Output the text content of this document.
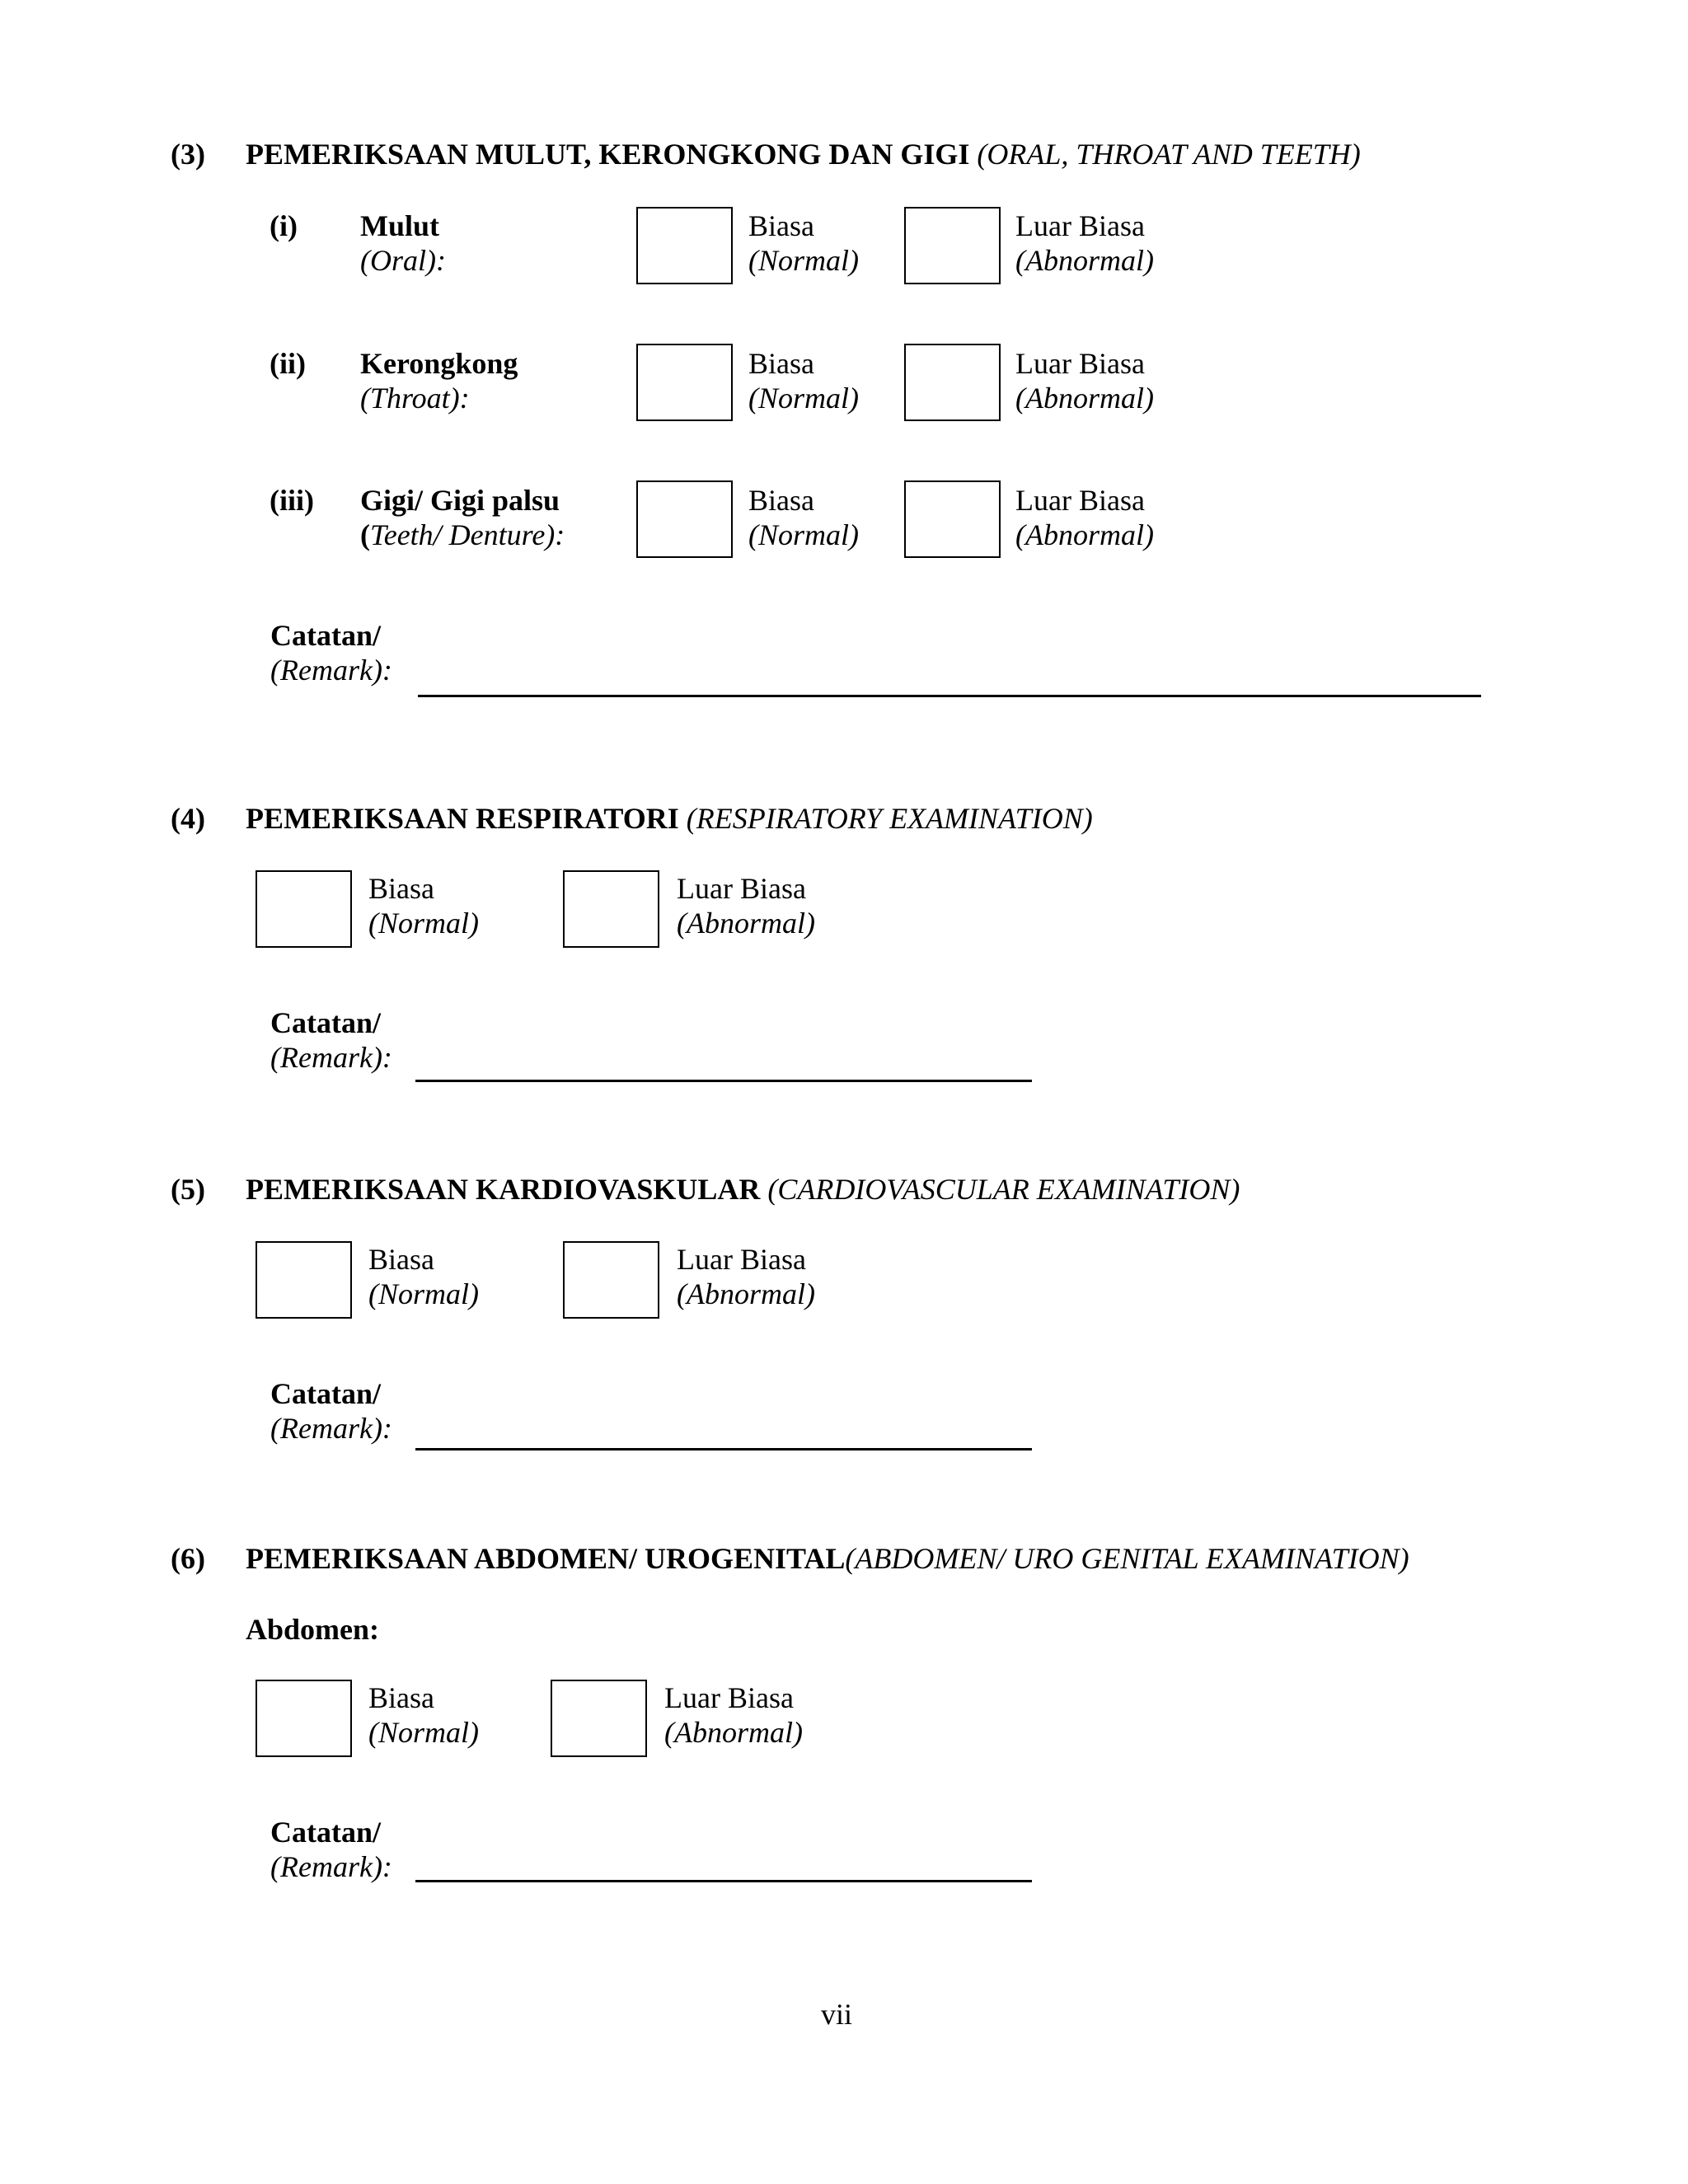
(3) PEMERIKSAAN MULUT, KERONGKONG DAN GIGI (ORAL, THROAT AND TEETH)
(i) Mulut
(Oral):
Biasa
(Normal)
Luar Biasa
(Abnormal)
(ii) Kerongkong
(Throat):
Biasa
(Normal)
Luar Biasa
(Abnormal)
(iii) Gigi/ Gigi palsu
(Teeth/ Denture):
Biasa
(Normal)
Luar Biasa
(Abnormal)
Catatan/
(Remark):
(4) PEMERIKSAAN RESPIRATORI (RESPIRATORY EXAMINATION)
Biasa
(Normal)
Luar Biasa
(Abnormal)
Catatan/
(Remark):
(5) PEMERIKSAAN KARDIOVASKULAR (CARDIOVASCULAR EXAMINATION)
Biasa
(Normal)
Luar Biasa
(Abnormal)
Catatan/
(Remark):
(6) PEMERIKSAAN ABDOMEN/ UROGENITAL(ABDOMEN/ URO GENITAL EXAMINATION)
Abdomen:
Biasa
(Normal)
Luar Biasa
(Abnormal)
Catatan/
(Remark):
vii
